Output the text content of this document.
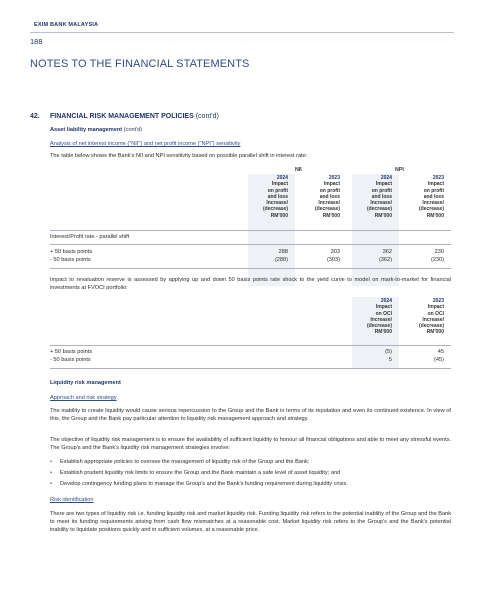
EXIM BANK MALAYSIA
188
NOTES TO THE FINANCIAL STATEMENTS
42. FINANCIAL RISK MANAGEMENT POLICIES (cont'd)
Asset liability management (cont'd)
Analysis of net interest income ("NII") and net profit income ("NPI") sensitivity
The table below shows the Bank's NII and NPI sensitivity based on possible parallel shift in interest rate:
NII	NPI
2024
Impact
on profit
and loss
Increase/
(decrease)
RM'000
2023
Impact
on profit
and loss
Increase/
(decrease)
RM'000
2024
Impact
on profit
and loss
Increase/
(decrease)
RM'000
2023
Impact
on profit
and loss
Increase/
(decrease)
RM'000
Interest/Profit rate - parallel shift
+ 50 basis points	288	303	362	230
- 50 basis points	(288)	(303)	(362)	(230)
Impact to revaluation reserve is assessed by applying up and down 50 basis points rate shock to the yield curve to model on mark-to-market for financial investments at FVOCI portfolio:
2024
Impact
on OCI
Increase/
(decrease)
RM'000
2023
Impact
on OCI
Increase/
(decrease)
RM'000
+ 50 basis points	(5)	45
- 50 basis points	5	(45)
Liquidity risk management
Approach and risk strategy
The inability to create liquidity would cause serious repercussion to the Group and the Bank in terms of its reputation and even its continued existence. In view of this, the Group and the Bank pay particular attention to liquidity risk management approach and strategy.
The objective of liquidity risk management is to ensure the availability of sufficient liquidity to honour all financial obligations and able to meet any stressful events. The Group's and the Bank's liquidity risk management strategies involve:
• Establish appropriate policies to oversee the management of liquidity risk of the Group and the Bank;
• Establish prudent liquidity risk limits to ensure the Group and the Bank maintain a safe level of asset liquidity; and
• Develop contingency funding plans to manage the Group's and the Bank's funding requirement during liquidity crisis.
Risk identification
There are two types of liquidity risk i.e. funding liquidity risk and market liquidity risk. Funding liquidity risk refers to the potential inability of the Group and the Bank to meet its funding requirements arising from cash flow mismatches at a reasonable cost. Market liquidity risk refers to the Group's and the Bank's potential inability to liquidate positions quickly and in sufficient volumes, at a reasonable price.
